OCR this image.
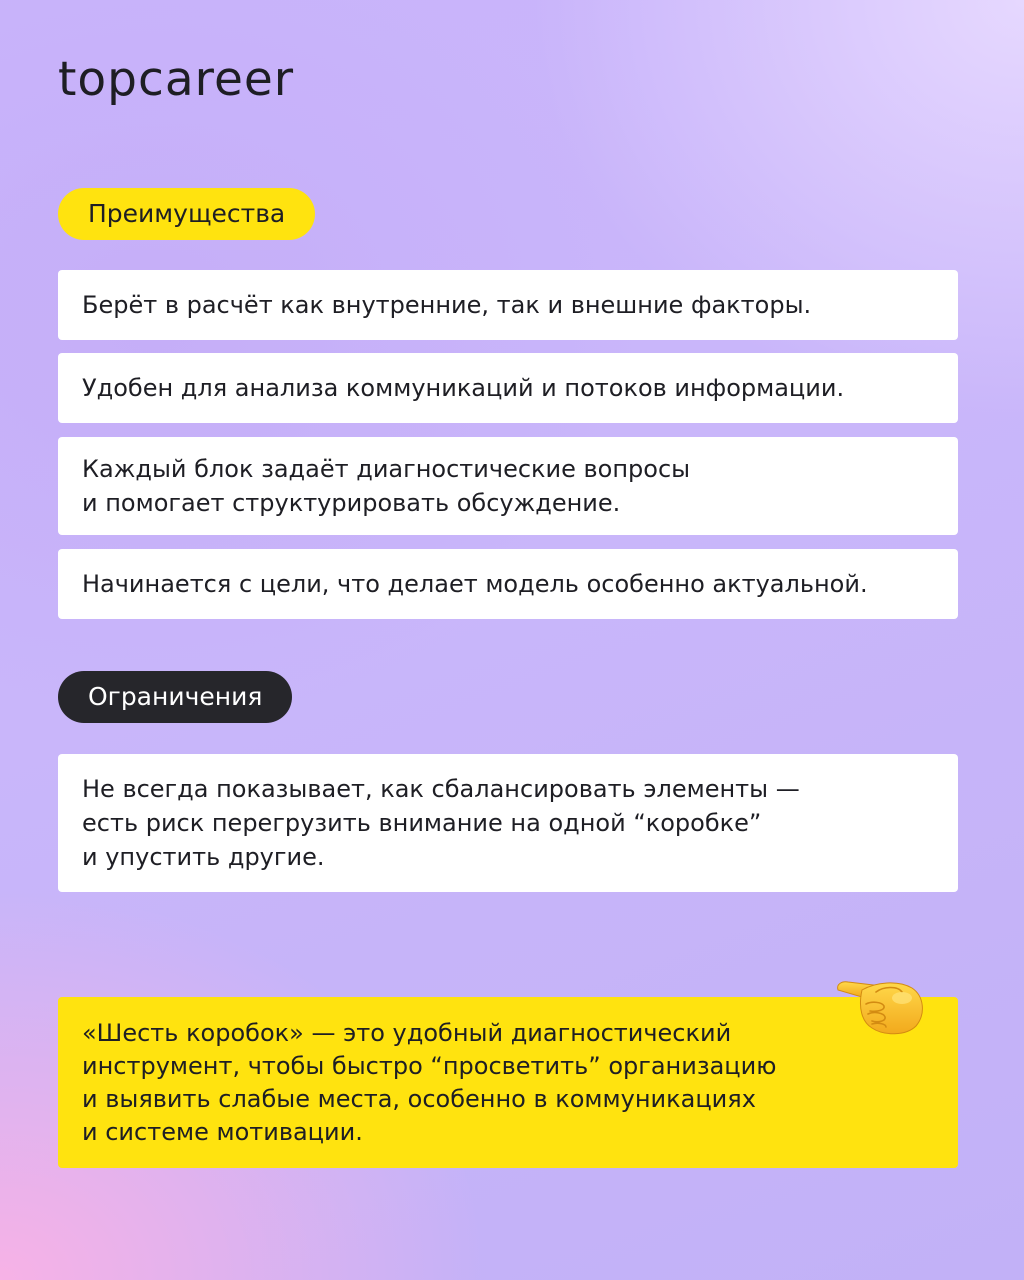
topcareer
Преимущества
Берёт в расчёт как внутренние, так и внешние факторы.
Удобен для анализа коммуникаций и потоков информации.
Каждый блок задаёт диагностические вопросы
и помогает структурировать обсуждение.
Начинается с цели, что делает модель особенно актуальной.
Ограничения
Не всегда показывает, как сбалансировать элементы —
есть риск перегрузить внимание на одной “коробке”
и упустить другие.
«Шесть коробок» — это удобный диагностический
инструмент, чтобы быстро “просветить” организацию
и выявить слабые места, особенно в коммуникациях
и системе мотивации.
